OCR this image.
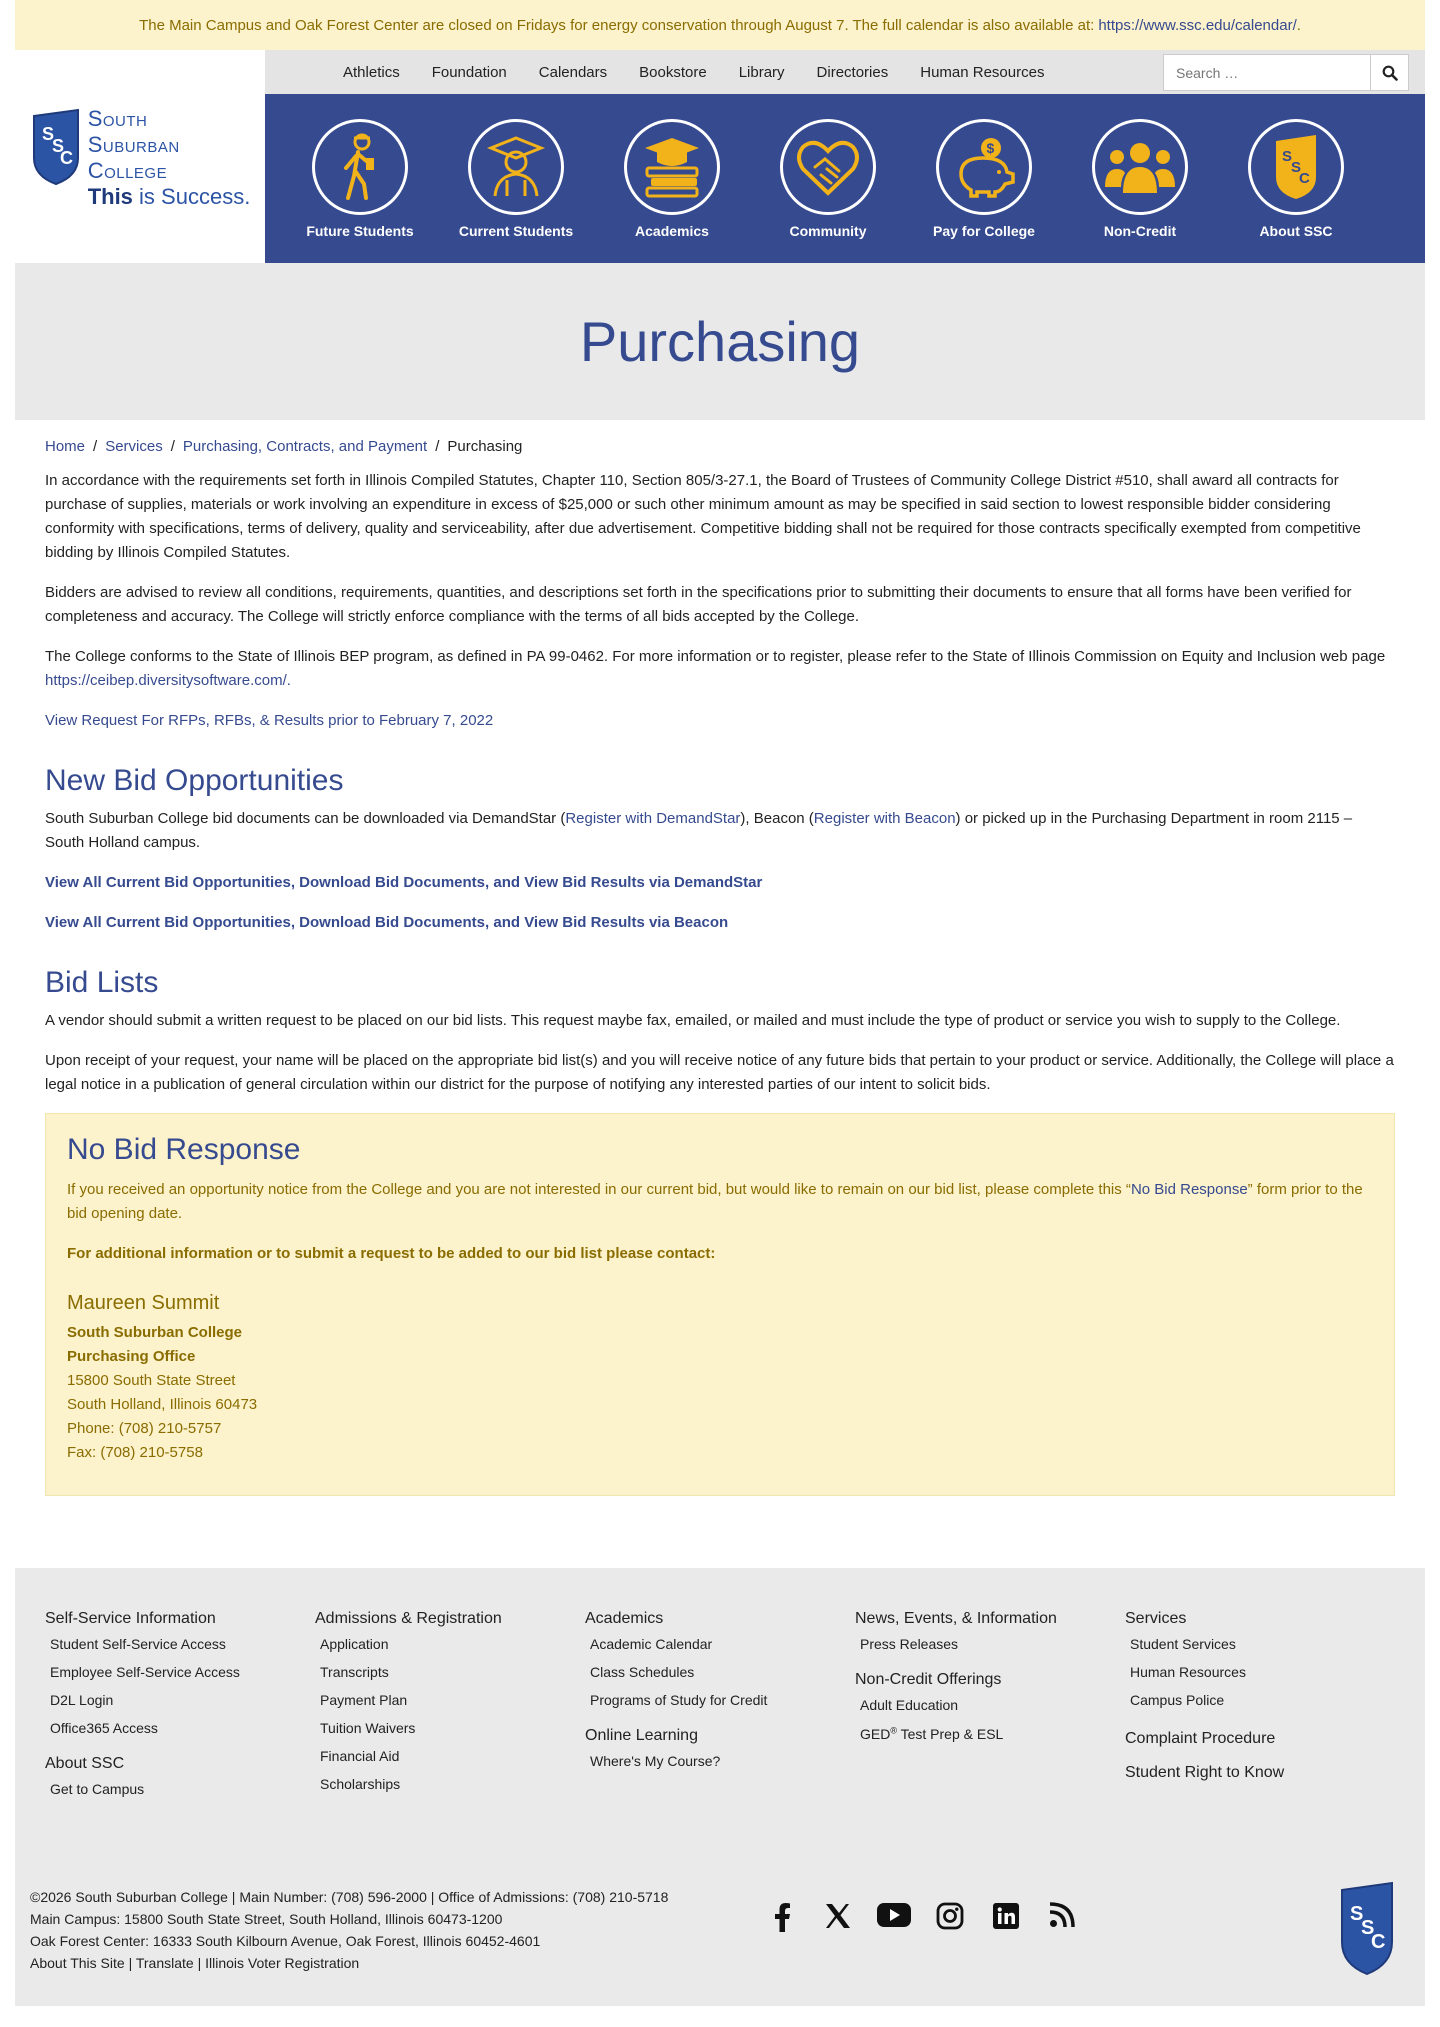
The Main Campus and Oak Forest Center are closed on Fridays for energy conservation through August 7. The full calendar is also available at: https://www.ssc.edu/calendar/ .
S
S
C
South
Suburban
College
This is Success.
Athletics Foundation Calendars Bookstore Library Directories Human Resources
Search …
Future Students	Current Students	Academics	Community
$
Pay for College	Non-Credit
S
S
C
About SSC
Purchasing
Home / Services / Purchasing, Contracts, and Payment / Purchasing

In accordance with the requirements set forth in Illinois Compiled Statutes, Chapter 110, Section 805/3-27.1, the Board of Trustees of Community College District #510, shall award all contracts for purchase of supplies, materials or work involving an expenditure in excess of $25,000 or such other minimum amount as may be specified in said section to lowest responsible bidder considering conformity with specifications, terms of delivery, quality and serviceability, after due advertisement. Competitive bidding shall not be required for those contracts specifically exempted from competitive bidding by Illinois Compiled Statutes.

Bidders are advised to review all conditions, requirements, quantities, and descriptions set forth in the specifications prior to submitting their documents to ensure that all forms have been verified for completeness and accuracy. The College will strictly enforce compliance with the terms of all bids accepted by the College.

The College conforms to the State of Illinois BEP program, as defined in PA 99-0462. For more information or to register, please refer to the State of Illinois Commission on Equity and Inclusion web page https://ceibep.diversitysoftware.com/.

View Request For RFPs, RFBs, & Results prior to February 7, 2022

New Bid Opportunities

South Suburban College bid documents can be downloaded via DemandStar (Register with DemandStar), Beacon (Register with Beacon) or picked up in the Purchasing Department in room 2115 – South Holland campus.

View All Current Bid Opportunities, Download Bid Documents, and View Bid Results via DemandStar

View All Current Bid Opportunities, Download Bid Documents, and View Bid Results via Beacon

Bid Lists

A vendor should submit a written request to be placed on our bid lists. This request maybe fax, emailed, or mailed and must include the type of product or service you wish to supply to the College.

Upon receipt of your request, your name will be placed on the appropriate bid list(s) and you will receive notice of any future bids that pertain to your product or service. Additionally, the College will place a legal notice in a publication of general circulation within our district for the purpose of notifying any interested parties of our intent to solicit bids.

No Bid Response

If you received an opportunity notice from the College and you are not interested in our current bid, but would like to remain on our bid list, please complete this “No Bid Response” form prior to the bid opening date.

For additional information or to submit a request to be added to our bid list please contact:

Maureen Summit
South Suburban College
Purchasing Office
15800 South State Street
South Holland, Illinois 60473
Phone: (708) 210-5757
Fax: (708) 210-5758
Self-Service Information
Student Self-Service Access
Employee Self-Service Access
D2L Login
Office365 Access
About SSC
Get to Campus
Admissions & Registration
Application
Transcripts
Payment Plan
Tuition Waivers
Financial Aid
Scholarships
Academics
Academic Calendar
Class Schedules
Programs of Study for Credit
Online Learning
Where's My Course?
News, Events, & Information
Press Releases
Non-Credit Offerings
Adult Education
GED® Test Prep & ESL
Services
Student Services
Human Resources
Campus Police
Complaint Procedure
Student Right to Know
©2026 South Suburban College | Main Number: (708) 596-2000 | Office of Admissions: (708) 210-5718
Main Campus: 15800 South State Street, South Holland, Illinois 60473-1200
Oak Forest Center: 16333 South Kilbourn Avenue, Oak Forest, Illinois 60452-4601
About This Site | Translate | Illinois Voter Registration
S
S
C
